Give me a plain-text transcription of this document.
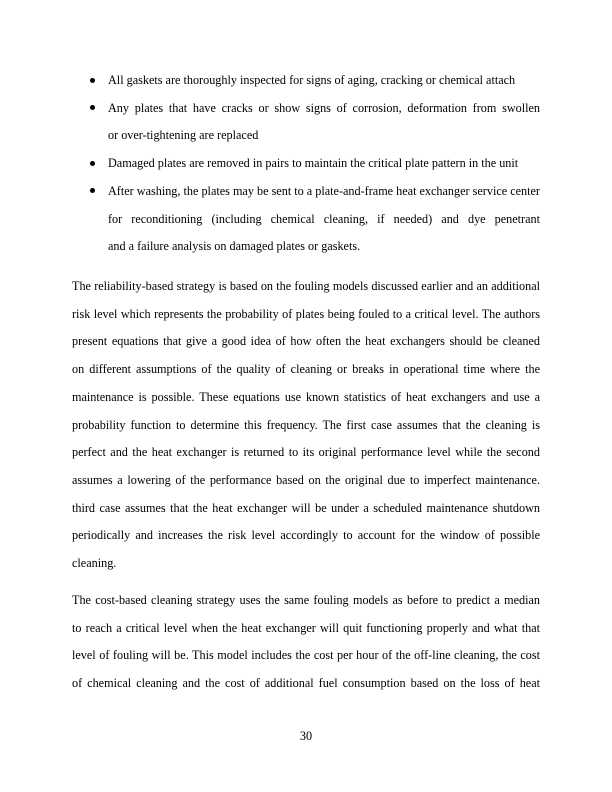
All gaskets are thoroughly inspected for signs of aging, cracking or chemical attach
Any plates that have cracks or show signs of corrosion, deformation from swollen
or over-tightening are replaced
Damaged plates are removed in pairs to maintain the critical plate pattern in the unit
After washing, the plates may be sent to a plate-and-frame heat exchanger service center
for reconditioning (including chemical cleaning, if needed) and dye penetrant
and a failure analysis on damaged plates or gaskets.
The reliability-based strategy is based on the fouling models discussed earlier and an additional
risk level which represents the probability of plates being fouled to a critical level. The authors
present equations that give a good idea of how often the heat exchangers should be cleaned
on different assumptions of the quality of cleaning or breaks in operational time where the
maintenance is possible. These equations use known statistics of heat exchangers and use a
probability function to determine this frequency. The first case assumes that the cleaning is
perfect and the heat exchanger is returned to its original performance level while the second
assumes a lowering of the performance based on the original due to imperfect maintenance.
third case assumes that the heat exchanger will be under a scheduled maintenance shutdown
periodically and increases the risk level accordingly to account for the window of possible
cleaning.
The cost-based cleaning strategy uses the same fouling models as before to predict a median
to reach a critical level when the heat exchanger will quit functioning properly and what that
level of fouling will be. This model includes the cost per hour of the off-line cleaning, the cost
of chemical cleaning and the cost of additional fuel consumption based on the loss of heat
30
